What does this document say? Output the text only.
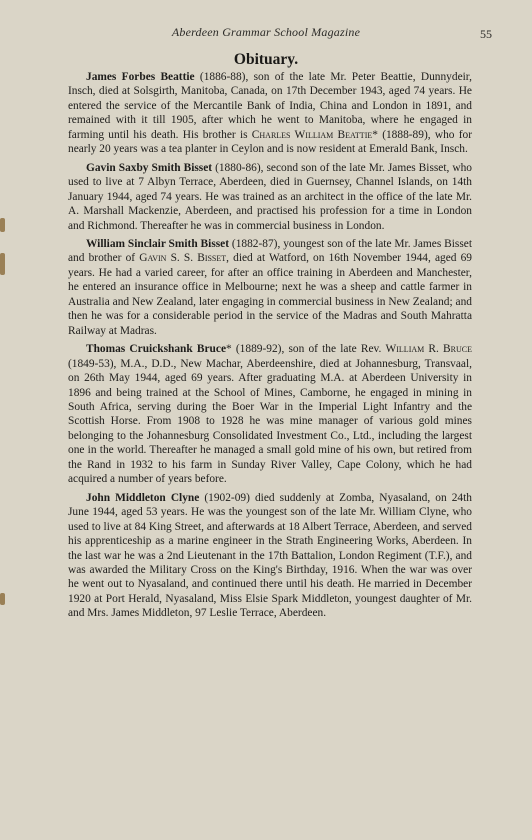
Aberdeen Grammar School Magazine	55
Obituary.

James Forbes Beattie (1886-88), son of the late Mr. Peter Beattie, Dunnydeir, Insch, died at Solsgirth, Manitoba, Canada, on 17th December 1943, aged 74 years. He entered the service of the Mercantile Bank of India, China and London in 1891, and remained with it till 1905, after which he went to Manitoba, where he engaged in farming until his death. His brother is Charles William Beattie* (1888-89), who for nearly 20 years was a tea planter in Ceylon and is now resident at Emerald Bank, Insch.

Gavin Saxby Smith Bisset (1880-86), second son of the late Mr. James Bisset, who used to live at 7 Albyn Terrace, Aberdeen, died in Guernsey, Channel Islands, on 14th January 1944, aged 74 years. He was trained as an architect in the office of the late Mr. A. Marshall Mackenzie, Aberdeen, and practised his profession for a time in London and Richmond. Thereafter he was in commercial business in London.

William Sinclair Smith Bisset (1882-87), youngest son of the late Mr. James Bisset and brother of Gavin S. S. Bisset, died at Watford, on 16th November 1944, aged 69 years. He had a varied career, for after an office training in Aberdeen and Manchester, he entered an insurance office in Melbourne; next he was a sheep and cattle farmer in Australia and New Zealand, later engaging in commercial business in New Zealand; and then he was for a considerable period in the service of the Madras and South Mahratta Railway at Madras.

Thomas Cruickshank Bruce* (1889-92), son of the late Rev. William R. Bruce (1849-53), M.A., D.D., New Machar, Aberdeenshire, died at Johannesburg, Transvaal, on 26th May 1944, aged 69 years. After graduating M.A. at Aberdeen University in 1896 and being trained at the School of Mines, Camborne, he engaged in mining in South Africa, serving during the Boer War in the Imperial Light Infantry and the Scottish Horse. From 1908 to 1928 he was mine manager of various gold mines belonging to the Johannesburg Consolidated Investment Co., Ltd., including the largest one in the world. Thereafter he managed a small gold mine of his own, but retired from the Rand in 1932 to his farm in Sunday River Valley, Cape Colony, which he had acquired a number of years before.

John Middleton Clyne (1902-09) died suddenly at Zomba, Nyasaland, on 24th June 1944, aged 53 years. He was the youngest son of the late Mr. William Clyne, who used to live at 84 King Street, and afterwards at 18 Albert Terrace, Aberdeen, and served his apprenticeship as a marine engineer in the Strath Engineering Works, Aberdeen. In the last war he was a 2nd Lieutenant in the 17th Battalion, London Regiment (T.F.), and was awarded the Military Cross on the King's Birthday, 1916. When the war was over he went out to Nyasaland, and continued there until his death. He married in December 1920 at Port Herald, Nyasaland, Miss Elsie Spark Middleton, youngest daughter of Mr. and Mrs. James Middleton, 97 Leslie Terrace, Aberdeen.
